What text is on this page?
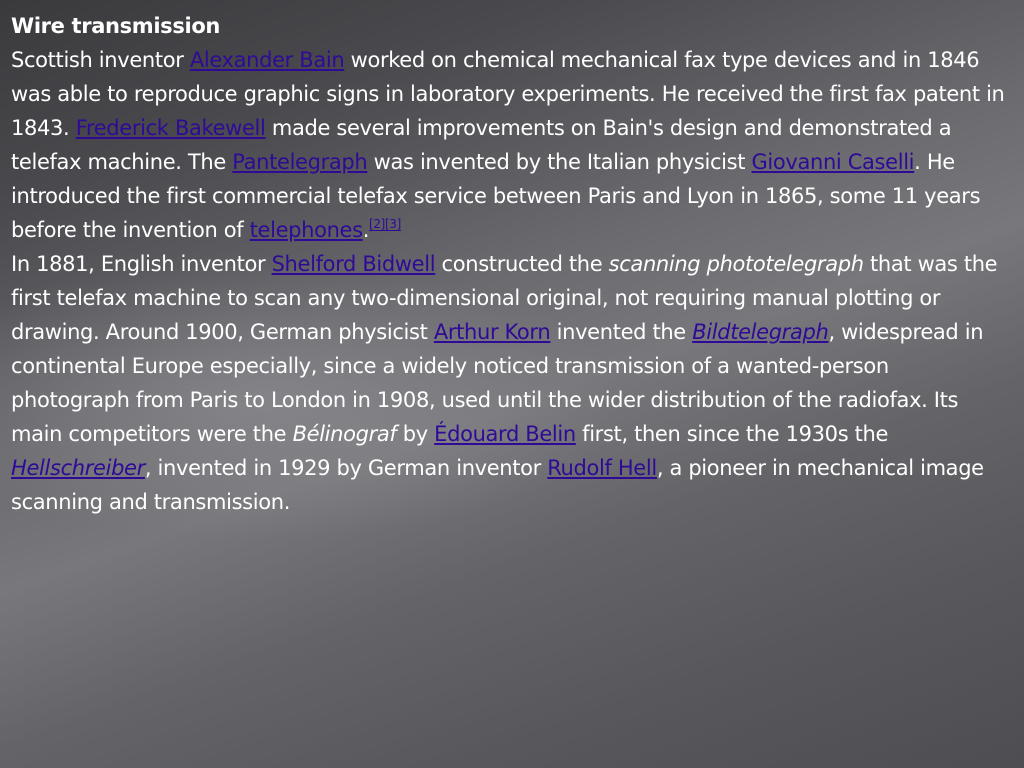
Wire transmission

Scottish inventor Alexander Bain worked on chemical mechanical fax type devices and in 1846 was able to reproduce graphic signs in laboratory experiments. He received the first fax patent in 1843. Frederick Bakewell made several improvements on Bain's design and demonstrated a telefax machine. The Pantelegraph was invented by the Italian physicist Giovanni Caselli. He introduced the first commercial telefax service between Paris and Lyon in 1865, some 11 years before the invention of telephones.[2][3]

In 1881, English inventor Shelford Bidwell constructed the scanning phototelegraph that was the first telefax machine to scan any two-dimensional original, not requiring manual plotting or drawing. Around 1900, German physicist Arthur Korn invented the Bildtelegraph, widespread in continental Europe especially, since a widely noticed transmission of a wanted-person photograph from Paris to London in 1908, used until the wider distribution of the radiofax. Its main competitors were the Bélinograf by Édouard Belin first, then since the 1930s the Hellschreiber, invented in 1929 by German inventor Rudolf Hell, a pioneer in mechanical image scanning and transmission.
